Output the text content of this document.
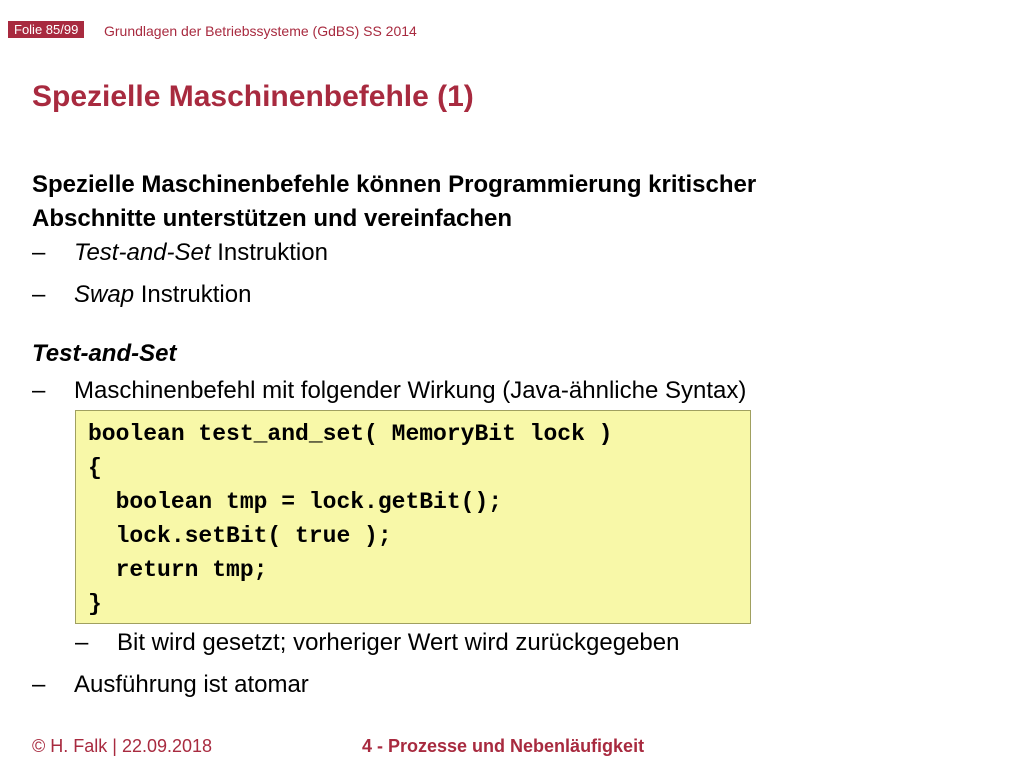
Folie 85/99	Grundlagen der Betriebssysteme (GdBS) SS 2014
Spezielle Maschinenbefehle (1)
Spezielle Maschinenbefehle können Programmierung kritischer
Abschnitte unterstützen und vereinfachen
– Test-and-Set Instruktion
– Swap Instruktion
Test-and-Set
– Maschinenbefehl mit folgender Wirkung (Java-ähnliche Syntax)
boolean test_and_set( MemoryBit lock )
{
boolean tmp = lock.getBit();
lock.setBit( true );
return tmp;
}
– Bit wird gesetzt; vorheriger Wert wird zurückgegeben
– Ausführung ist atomar
© H. Falk | 22.09.2018	4 - Prozesse und Nebenläufigkeit
